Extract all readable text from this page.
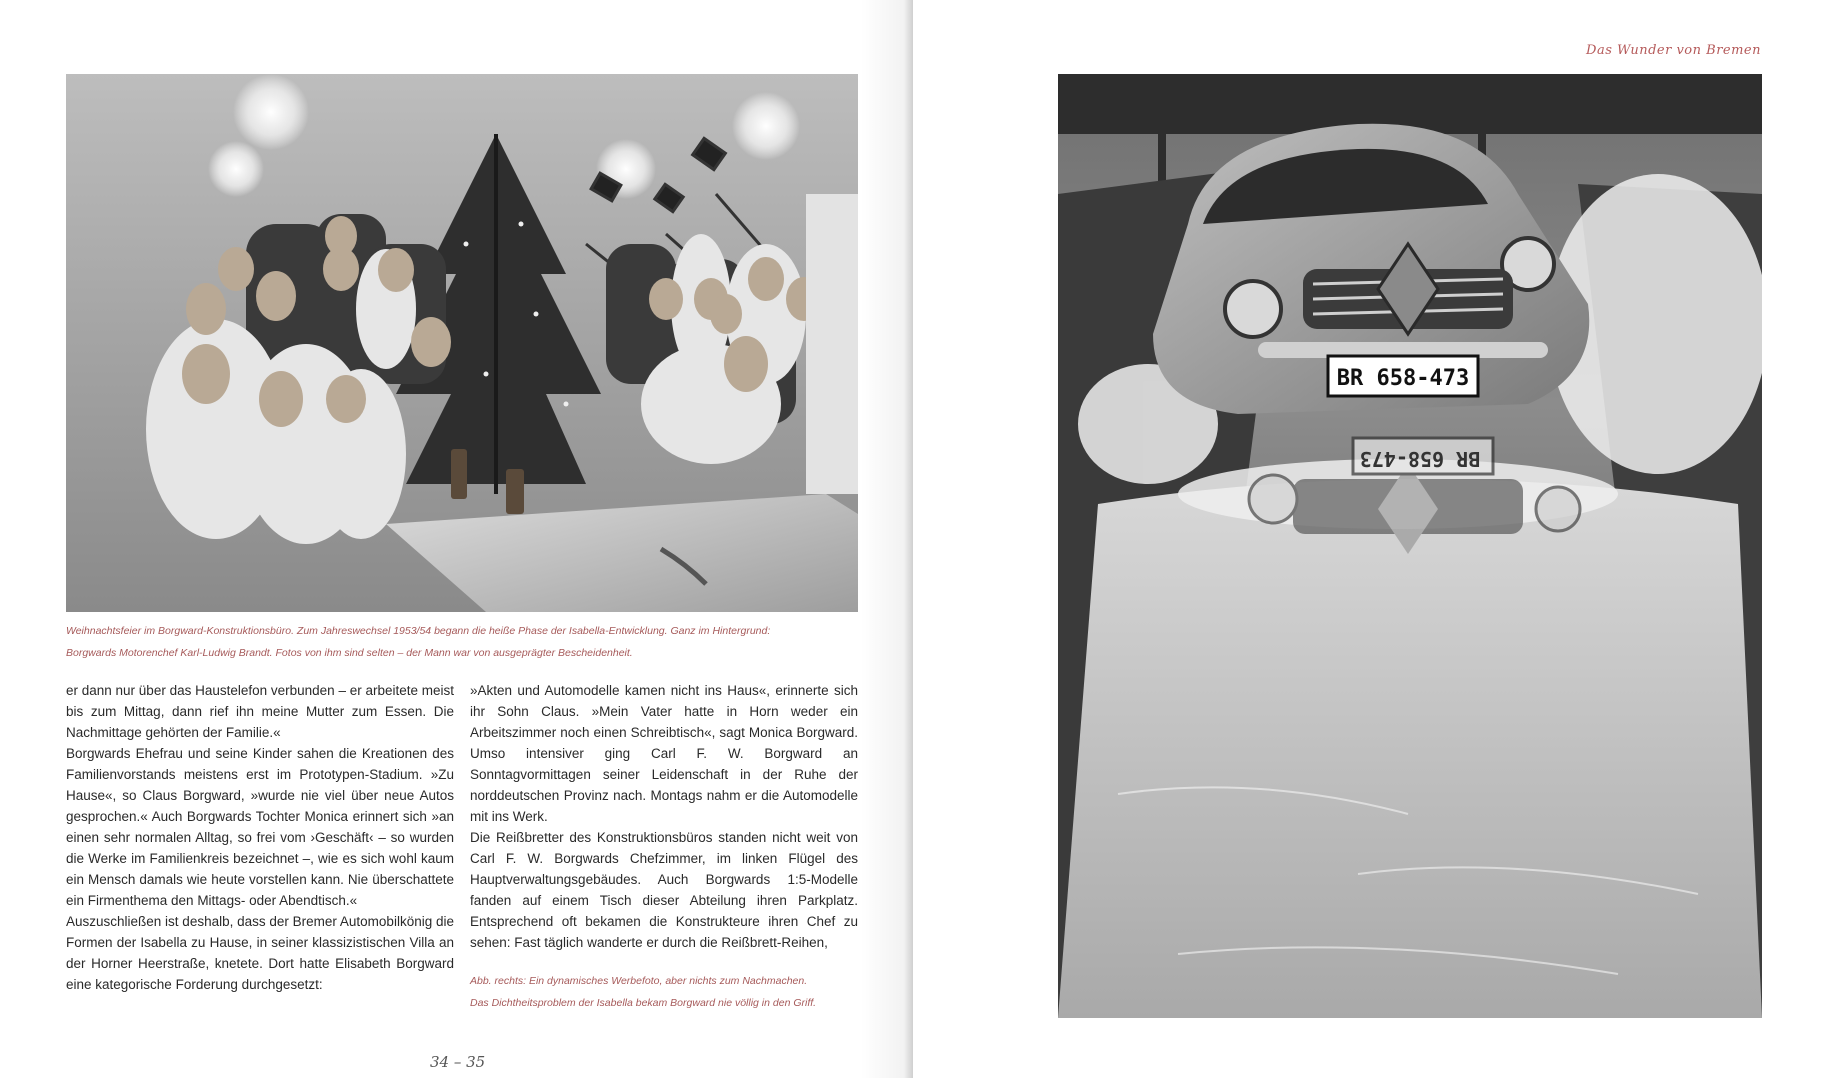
Weihnachtsfeier im Borgward-Konstruktionsbüro. Zum Jahreswechsel 1953/54 begann die heiße Phase der Isabella-Entwicklung. Ganz im Hintergrund:
Borgwards Motorenchef Karl-Ludwig Brandt. Fotos von ihm sind selten – der Mann war von ausgeprägter Bescheidenheit.

er dann nur über das Haustelefon verbunden – er arbeitete meist bis zum Mittag, dann rief ihn meine Mutter zum Essen. Die Nachmittage gehörten der Familie.«

Borgwards Ehefrau und seine Kinder sahen die Kreationen des Familienvorstands meistens erst im Prototypen-Stadium. »Zu Hause«, so Claus Borgward, »wurde nie viel über neue Autos gesprochen.« Auch Borgwards Tochter Monica erinnert sich »an einen sehr normalen Alltag, so frei vom ›Geschäft‹ – so wurden die Werke im Familienkreis bezeichnet –, wie es sich wohl kaum ein Mensch damals wie heute vorstellen kann. Nie überschattete ein Firmenthema den Mittags- oder Abendtisch.«

Auszuschließen ist deshalb, dass der Bremer Automobilkönig die Formen der Isabella zu Hause, in seiner klassizistischen Villa an der Horner Heerstraße, knetete. Dort hatte Elisabeth Borgward eine kategorische Forderung durchgesetzt:

»Akten und Automodelle kamen nicht ins Haus«, erinnerte sich ihr Sohn Claus. »Mein Vater hatte in Horn weder ein Arbeitszimmer noch einen Schreibtisch«, sagt Monica Borgward. Umso intensiver ging Carl F. W. Borgward an Sonntagvormittagen seiner Leidenschaft in der Ruhe der norddeutschen Provinz nach. Montags nahm er die Automodelle mit ins Werk.

Die Reißbretter des Konstruktionsbüros standen nicht weit von Carl F. W. Borgwards Chefzimmer, im linken Flügel des Hauptverwaltungsgebäudes. Auch Borgwards 1:5-Modelle fanden auf einem Tisch dieser Abteilung ihren Parkplatz. Entsprechend oft bekamen die Konstrukteure ihren Chef zu sehen: Fast täglich wanderte er durch die Reißbrett-Reihen,

Abb. rechts: Ein dynamisches Werbefoto, aber nichts zum Nachmachen.
Das Dichtheitsproblem der Isabella bekam Borgward nie völlig in den Griff.
34 – 35
Das Wunder von Bremen
BR 658-473
BR 658-473
